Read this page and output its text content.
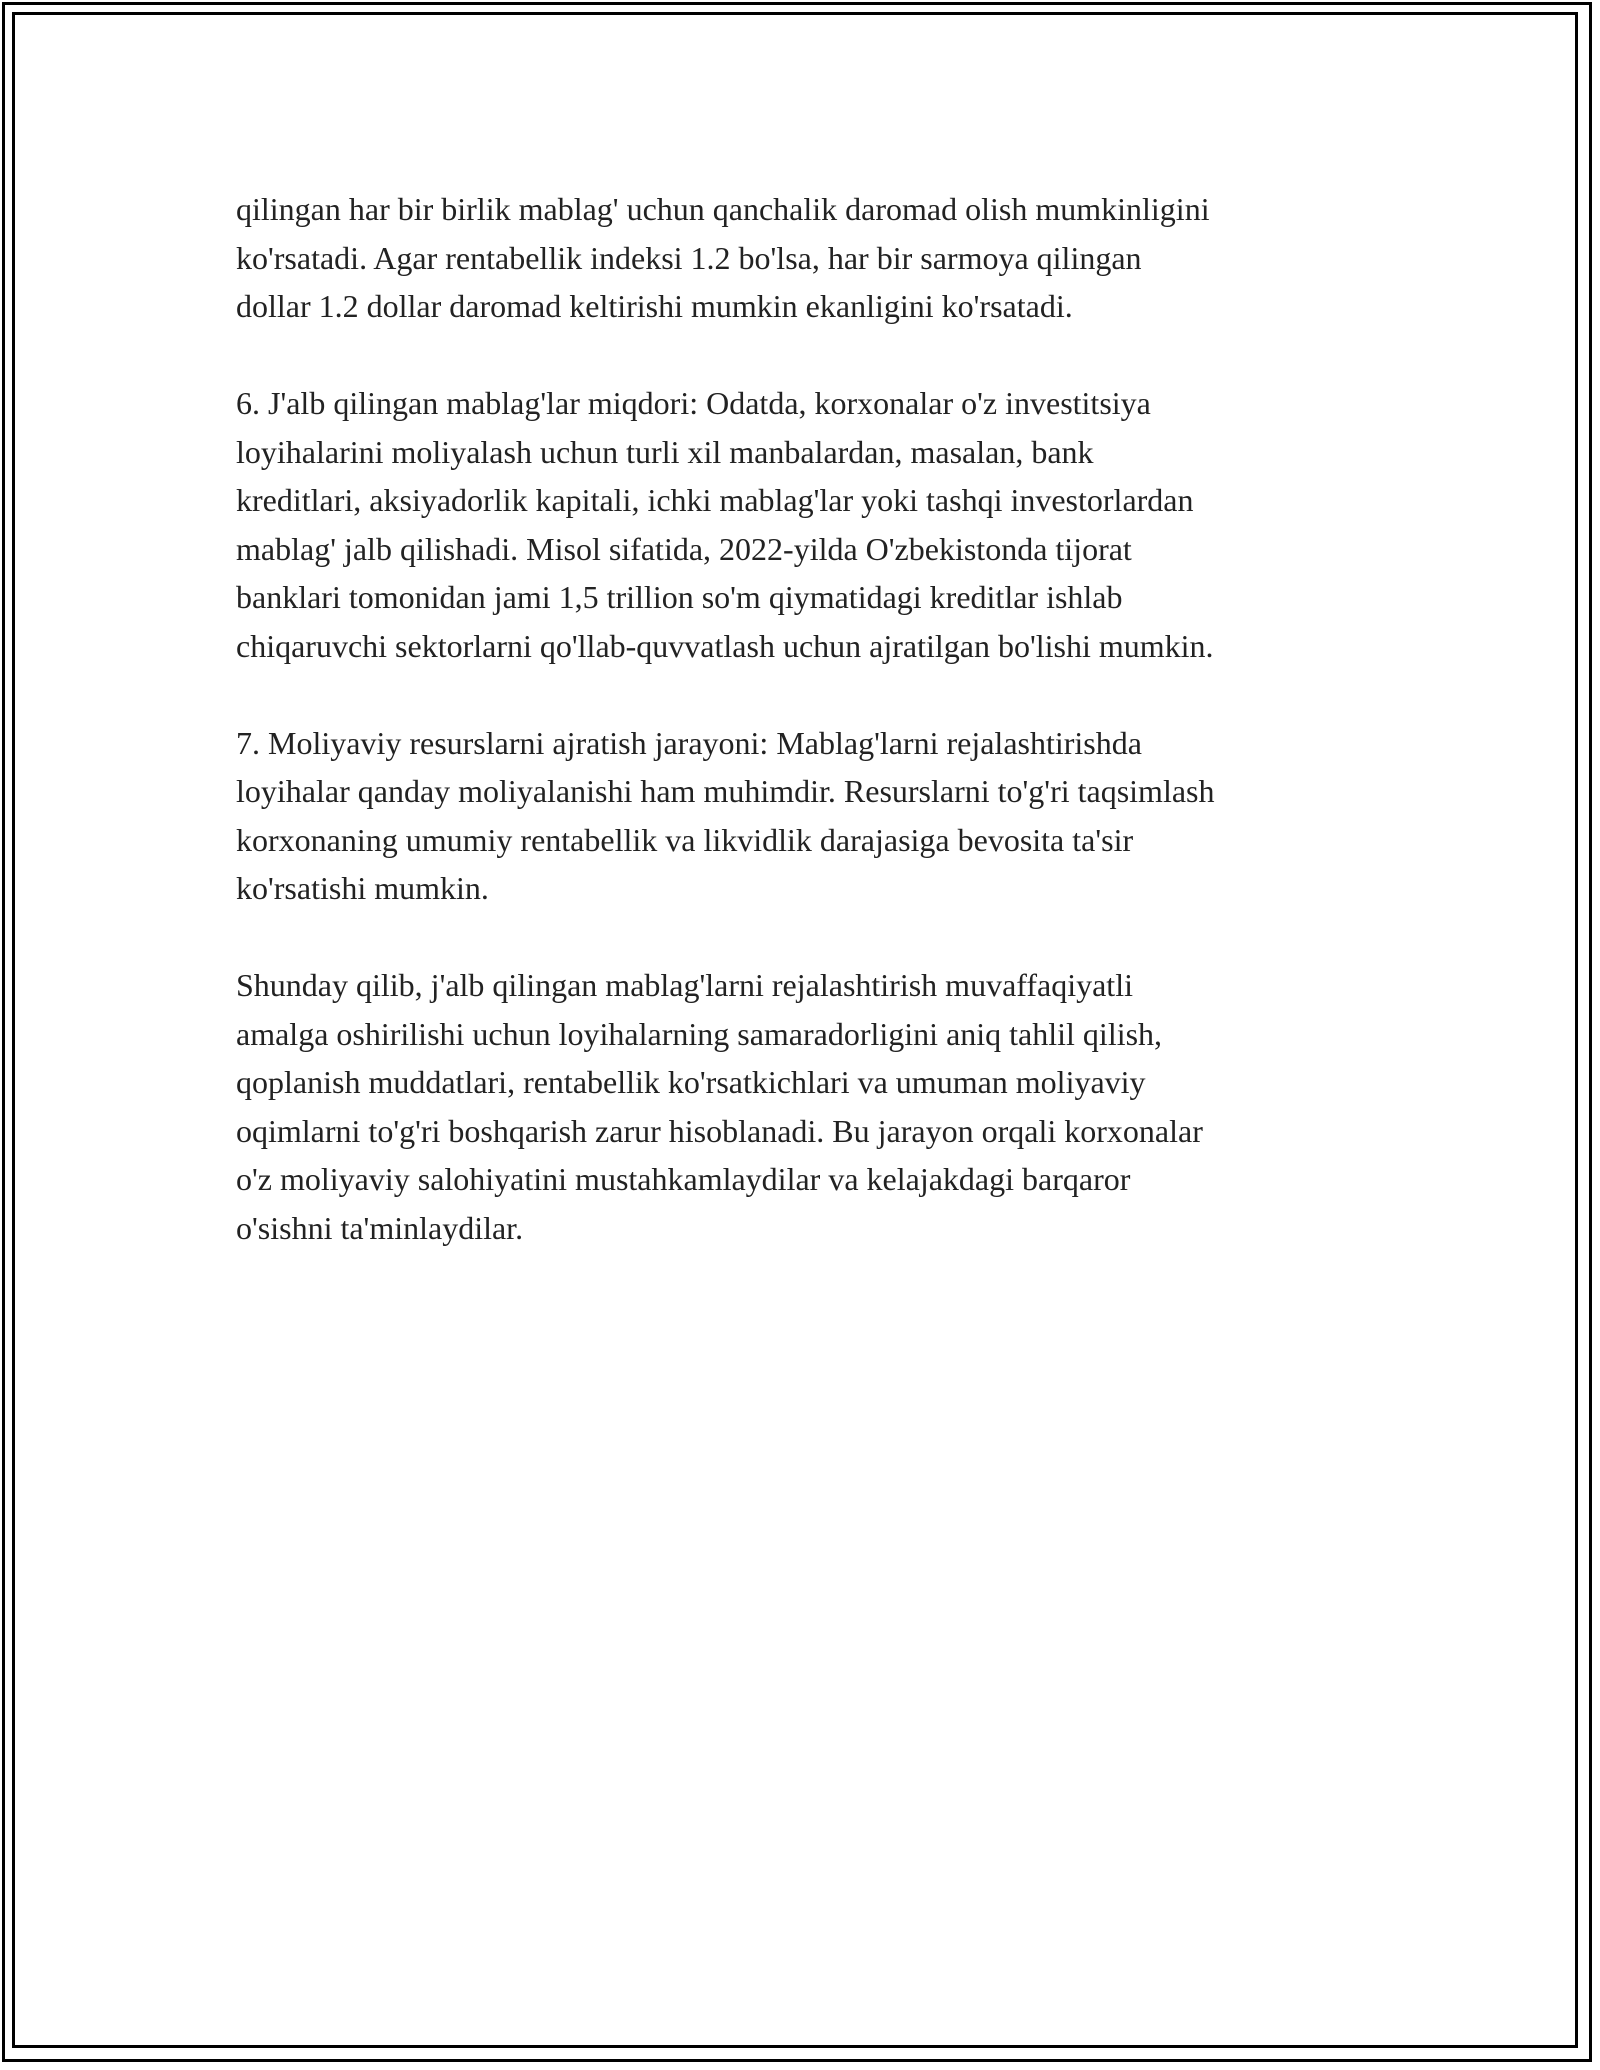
qilingan har bir birlik mablag' uchun qanchalik daromad olish mumkinligini
ko'rsatadi. Agar rentabellik indeksi 1.2 bo'lsa, har bir sarmoya qilingan
dollar 1.2 dollar daromad keltirishi mumkin ekanligini ko'rsatadi.

6. J'alb qilingan mablag'lar miqdori: Odatda, korxonalar o'z investitsiya
loyihalarini moliyalash uchun turli xil manbalardan, masalan, bank
kreditlari, aksiyadorlik kapitali, ichki mablag'lar yoki tashqi investorlardan
mablag' jalb qilishadi. Misol sifatida, 2022-yilda O'zbekistonda tijorat
banklari tomonidan jami 1,5 trillion so'm qiymatidagi kreditlar ishlab
chiqaruvchi sektorlarni qo'llab-quvvatlash uchun ajratilgan bo'lishi mumkin.

7. Moliyaviy resurslarni ajratish jarayoni: Mablag'larni rejalashtirishda
loyihalar qanday moliyalanishi ham muhimdir. Resurslarni to'g'ri taqsimlash
korxonaning umumiy rentabellik va likvidlik darajasiga bevosita ta'sir
ko'rsatishi mumkin.

Shunday qilib, j'alb qilingan mablag'larni rejalashtirish muvaffaqiyatli
amalga oshirilishi uchun loyihalarning samaradorligini aniq tahlil qilish,
qoplanish muddatlari, rentabellik ko'rsatkichlari va umuman moliyaviy
oqimlarni to'g'ri boshqarish zarur hisoblanadi. Bu jarayon orqali korxonalar
o'z moliyaviy salohiyatini mustahkamlaydilar va kelajakdagi barqaror
o'sishni ta'minlaydilar.
